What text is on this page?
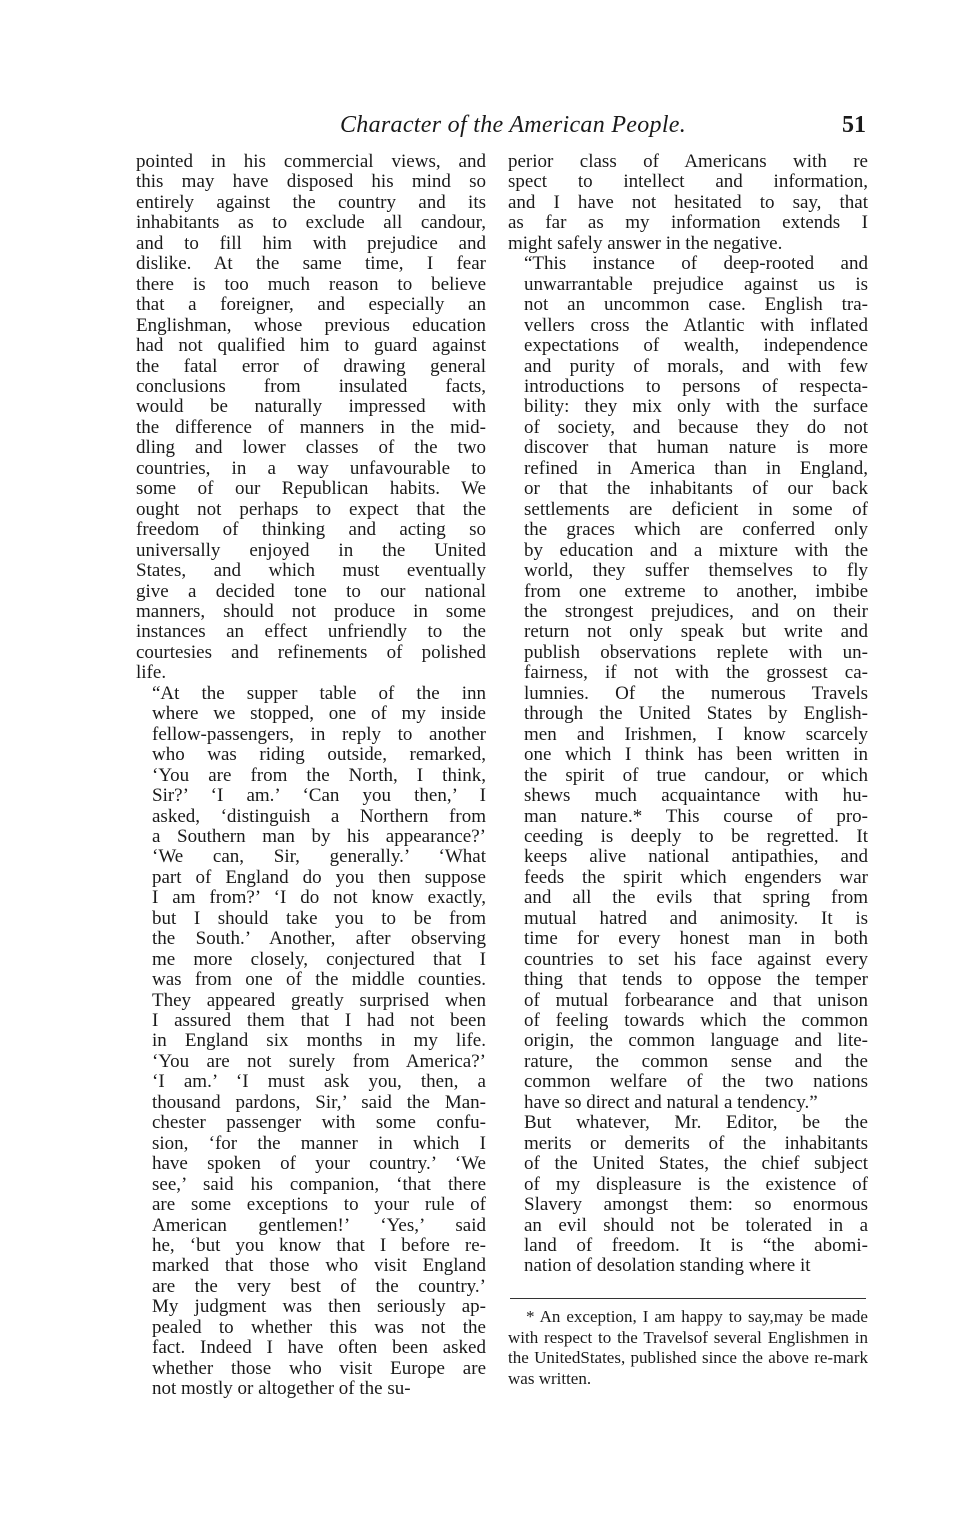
Character of the American People.	51

pointed in his commercial views, and
this may have disposed his mind so
entirely against the country and its
inhabitants as to exclude all candour,
and to fill him with prejudice and
dislike. At the same time, I fear
there is too much reason to believe
that a foreigner, and especially an
Englishman, whose previous education
had not qualified him to guard against
the fatal error of drawing general
conclusions from insulated facts,
would be naturally impressed with
the difference of manners in the mid-
dling and lower classes of the two
countries, in a way unfavourable to
some of our Republican habits. We
ought not perhaps to expect that the
freedom of thinking and acting so
universally enjoyed in the United
States, and which must eventually
give a decided tone to our national
manners, should not produce in some
instances an effect unfriendly to the
courtesies and refinements of polished
life.

“At the supper table of the inn
where we stopped, one of my inside
fellow-passengers, in reply to another
who was riding outside, remarked,
‘You are from the North, I think,
Sir?’ ‘I am.’ ‘Can you then,’ I
asked, ‘distinguish a Northern from
a Southern man by his appearance?’
‘We can, Sir, generally.’ ‘What
part of England do you then suppose
I am from?’ ‘I do not know exactly,
but I should take you to be from
the South.’ Another, after observing
me more closely, conjectured that I
was from one of the middle counties.
They appeared greatly surprised when
I assured them that I had not been
in England six months in my life.
‘You are not surely from America?’
‘I am.’ ‘I must ask you, then, a
thousand pardons, Sir,’ said the Man-
chester passenger with some confu-
sion, ‘for the manner in which I
have spoken of your country.’ ‘We
see,’ said his companion, ‘that there
are some exceptions to your rule of
American gentlemen!’ ‘Yes,’ said
he, ‘but you know that I before re-
marked that those who visit England
are the very best of the country.’
My judgment was then seriously ap-
pealed to whether this was not the
fact. Indeed I have often been asked
whether those who visit Europe are
not mostly or altogether of the su-

perior class of Americans with re
spect to intellect and information,
and I have not hesitated to say, that
as far as my information extends I
might safely answer in the negative.

“This instance of deep-rooted and
unwarrantable prejudice against us is
not an uncommon case. English tra-
vellers cross the Atlantic with inflated
expectations of wealth, independence
and purity of morals, and with few
introductions to persons of respecta-
bility: they mix only with the surface
of society, and because they do not
discover that human nature is more
refined in America than in England,
or that the inhabitants of our back
settlements are deficient in some of
the graces which are conferred only
by education and a mixture with the
world, they suffer themselves to fly
from one extreme to another, imbibe
the strongest prejudices, and on their
return not only speak but write and
publish observations replete with un-
fairness, if not with the grossest ca-
lumnies. Of the numerous Travels
through the United States by English-
men and Irishmen, I know scarcely
one which I think has been written in
the spirit of true candour, or which
shews much acquaintance with hu-
man nature.* This course of pro-
ceeding is deeply to be regretted. It
keeps alive national antipathies, and
feeds the spirit which engenders war
and all the evils that spring from
mutual hatred and animosity. It is
time for every honest man in both
countries to set his face against every
thing that tends to oppose the temper
of mutual forbearance and that unison
of feeling towards which the common
origin, the common language and lite-
rature, the common sense and the
common welfare of the two nations
have so direct and natural a tendency.”

But whatever, Mr. Editor, be the
merits or demerits of the inhabitants
of the United States, the chief subject
of my displeasure is the existence of
Slavery amongst them: so enormous
an evil should not be tolerated in a
land of freedom. It is “the abomi-
nation of desolation standing where it

* An exception, I am happy to say,may be made with respect to the Travelsof several Englishmen in the UnitedStates, published since the above re-mark was written.
